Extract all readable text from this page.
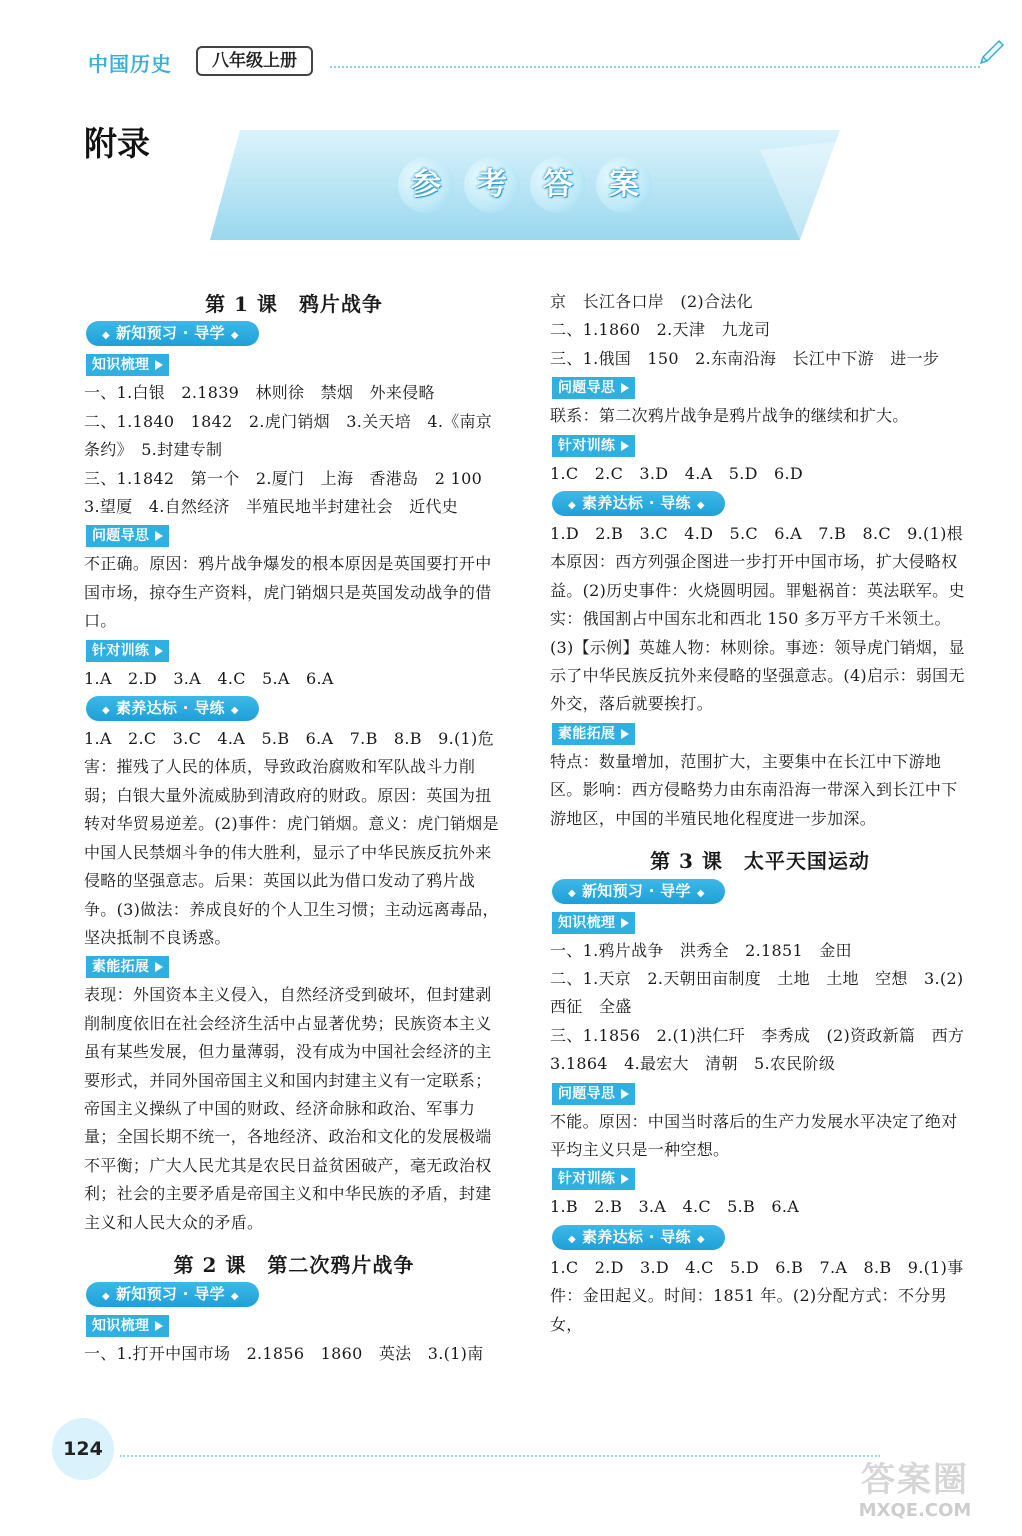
中国历史	八年级上册
附录
参	考	答	案

第 1 课　鸦片战争

◆ 新知预习 · 导学 ◆
知识梳理

一、1.白银　2.1839　林则徐　禁烟　外来侵略

二、1.1840　1842　2.虎门销烟　3.关天培　4.《南京条约》　5.封建专制

三、1.1842　第一个　2.厦门　上海　香港岛　2 100　3.望厦　4.自然经济　半殖民地半封建社会　近代史

问题导思

不正确。原因：鸦片战争爆发的根本原因是英国要打开中国市场，掠夺生产资料，虎门销烟只是英国发动战争的借口。

针对训练

1.A　2.D　3.A　4.C　5.A　6.A

◆ 素养达标 · 导练 ◆

1.A　2.C　3.C　4.A　5.B　6.A　7.B　8.B　9.(1)危害：摧残了人民的体质，导致政治腐败和军队战斗力削弱；白银大量外流威胁到清政府的财政。原因：英国为扭转对华贸易逆差。(2)事件：虎门销烟。意义：虎门销烟是中国人民禁烟斗争的伟大胜利，显示了中华民族反抗外来侵略的坚强意志。后果：英国以此为借口发动了鸦片战争。(3)做法：养成良好的个人卫生习惯；主动远离毒品，坚决抵制不良诱惑。

素能拓展

表现：外国资本主义侵入，自然经济受到破坏，但封建剥削制度依旧在社会经济生活中占显著优势；民族资本主义虽有某些发展，但力量薄弱，没有成为中国社会经济的主要形式，并同外国帝国主义和国内封建主义有一定联系；帝国主义操纵了中国的财政、经济命脉和政治、军事力量；全国长期不统一，各地经济、政治和文化的发展极端不平衡；广大人民尤其是农民日益贫困破产，毫无政治权利；社会的主要矛盾是帝国主义和中华民族的矛盾，封建主义和人民大众的矛盾。

第 2 课　第二次鸦片战争

◆ 新知预习 · 导学 ◆
知识梳理

一、1.打开中国市场　2.1856　1860　英法　3.(1)南

京　长江各口岸　(2)合法化

二、1.1860　2.天津　九龙司

三、1.俄国　150　2.东南沿海　长江中下游　进一步

问题导思

联系：第二次鸦片战争是鸦片战争的继续和扩大。

针对训练

1.C　2.C　3.D　4.A　5.D　6.D

◆ 素养达标 · 导练 ◆

1.D　2.B　3.C　4.D　5.C　6.A　7.B　8.C　9.(1)根本原因：西方列强企图进一步打开中国市场，扩大侵略权益。(2)历史事件：火烧圆明园。罪魁祸首：英法联军。史实：俄国割占中国东北和西北 150 多万平方千米领土。(3)【示例】英雄人物：林则徐。事迹：领导虎门销烟，显示了中华民族反抗外来侵略的坚强意志。(4)启示：弱国无外交，落后就要挨打。

素能拓展

特点：数量增加，范围扩大，主要集中在长江中下游地区。影响：西方侵略势力由东南沿海一带深入到长江中下游地区，中国的半殖民地化程度进一步加深。

第 3 课　太平天国运动

◆ 新知预习 · 导学 ◆
知识梳理

一、1.鸦片战争　洪秀全　2.1851　金田

二、1.天京　2.天朝田亩制度　土地　土地　空想　3.(2)西征　全盛

三、1.1856　2.(1)洪仁玕　李秀成　(2)资政新篇　西方　3.1864　4.最宏大　清朝　5.农民阶级

问题导思

不能。原因：中国当时落后的生产力发展水平决定了绝对平均主义只是一种空想。

针对训练

1.B　2.B　3.A　4.C　5.B　6.A

◆ 素养达标 · 导练 ◆

1.C　2.D　3.D　4.C　5.D　6.B　7.A　8.B　9.(1)事件：金田起义。时间：1851 年。(2)分配方式：不分男女，

124
答案圈
MXQE.COM
